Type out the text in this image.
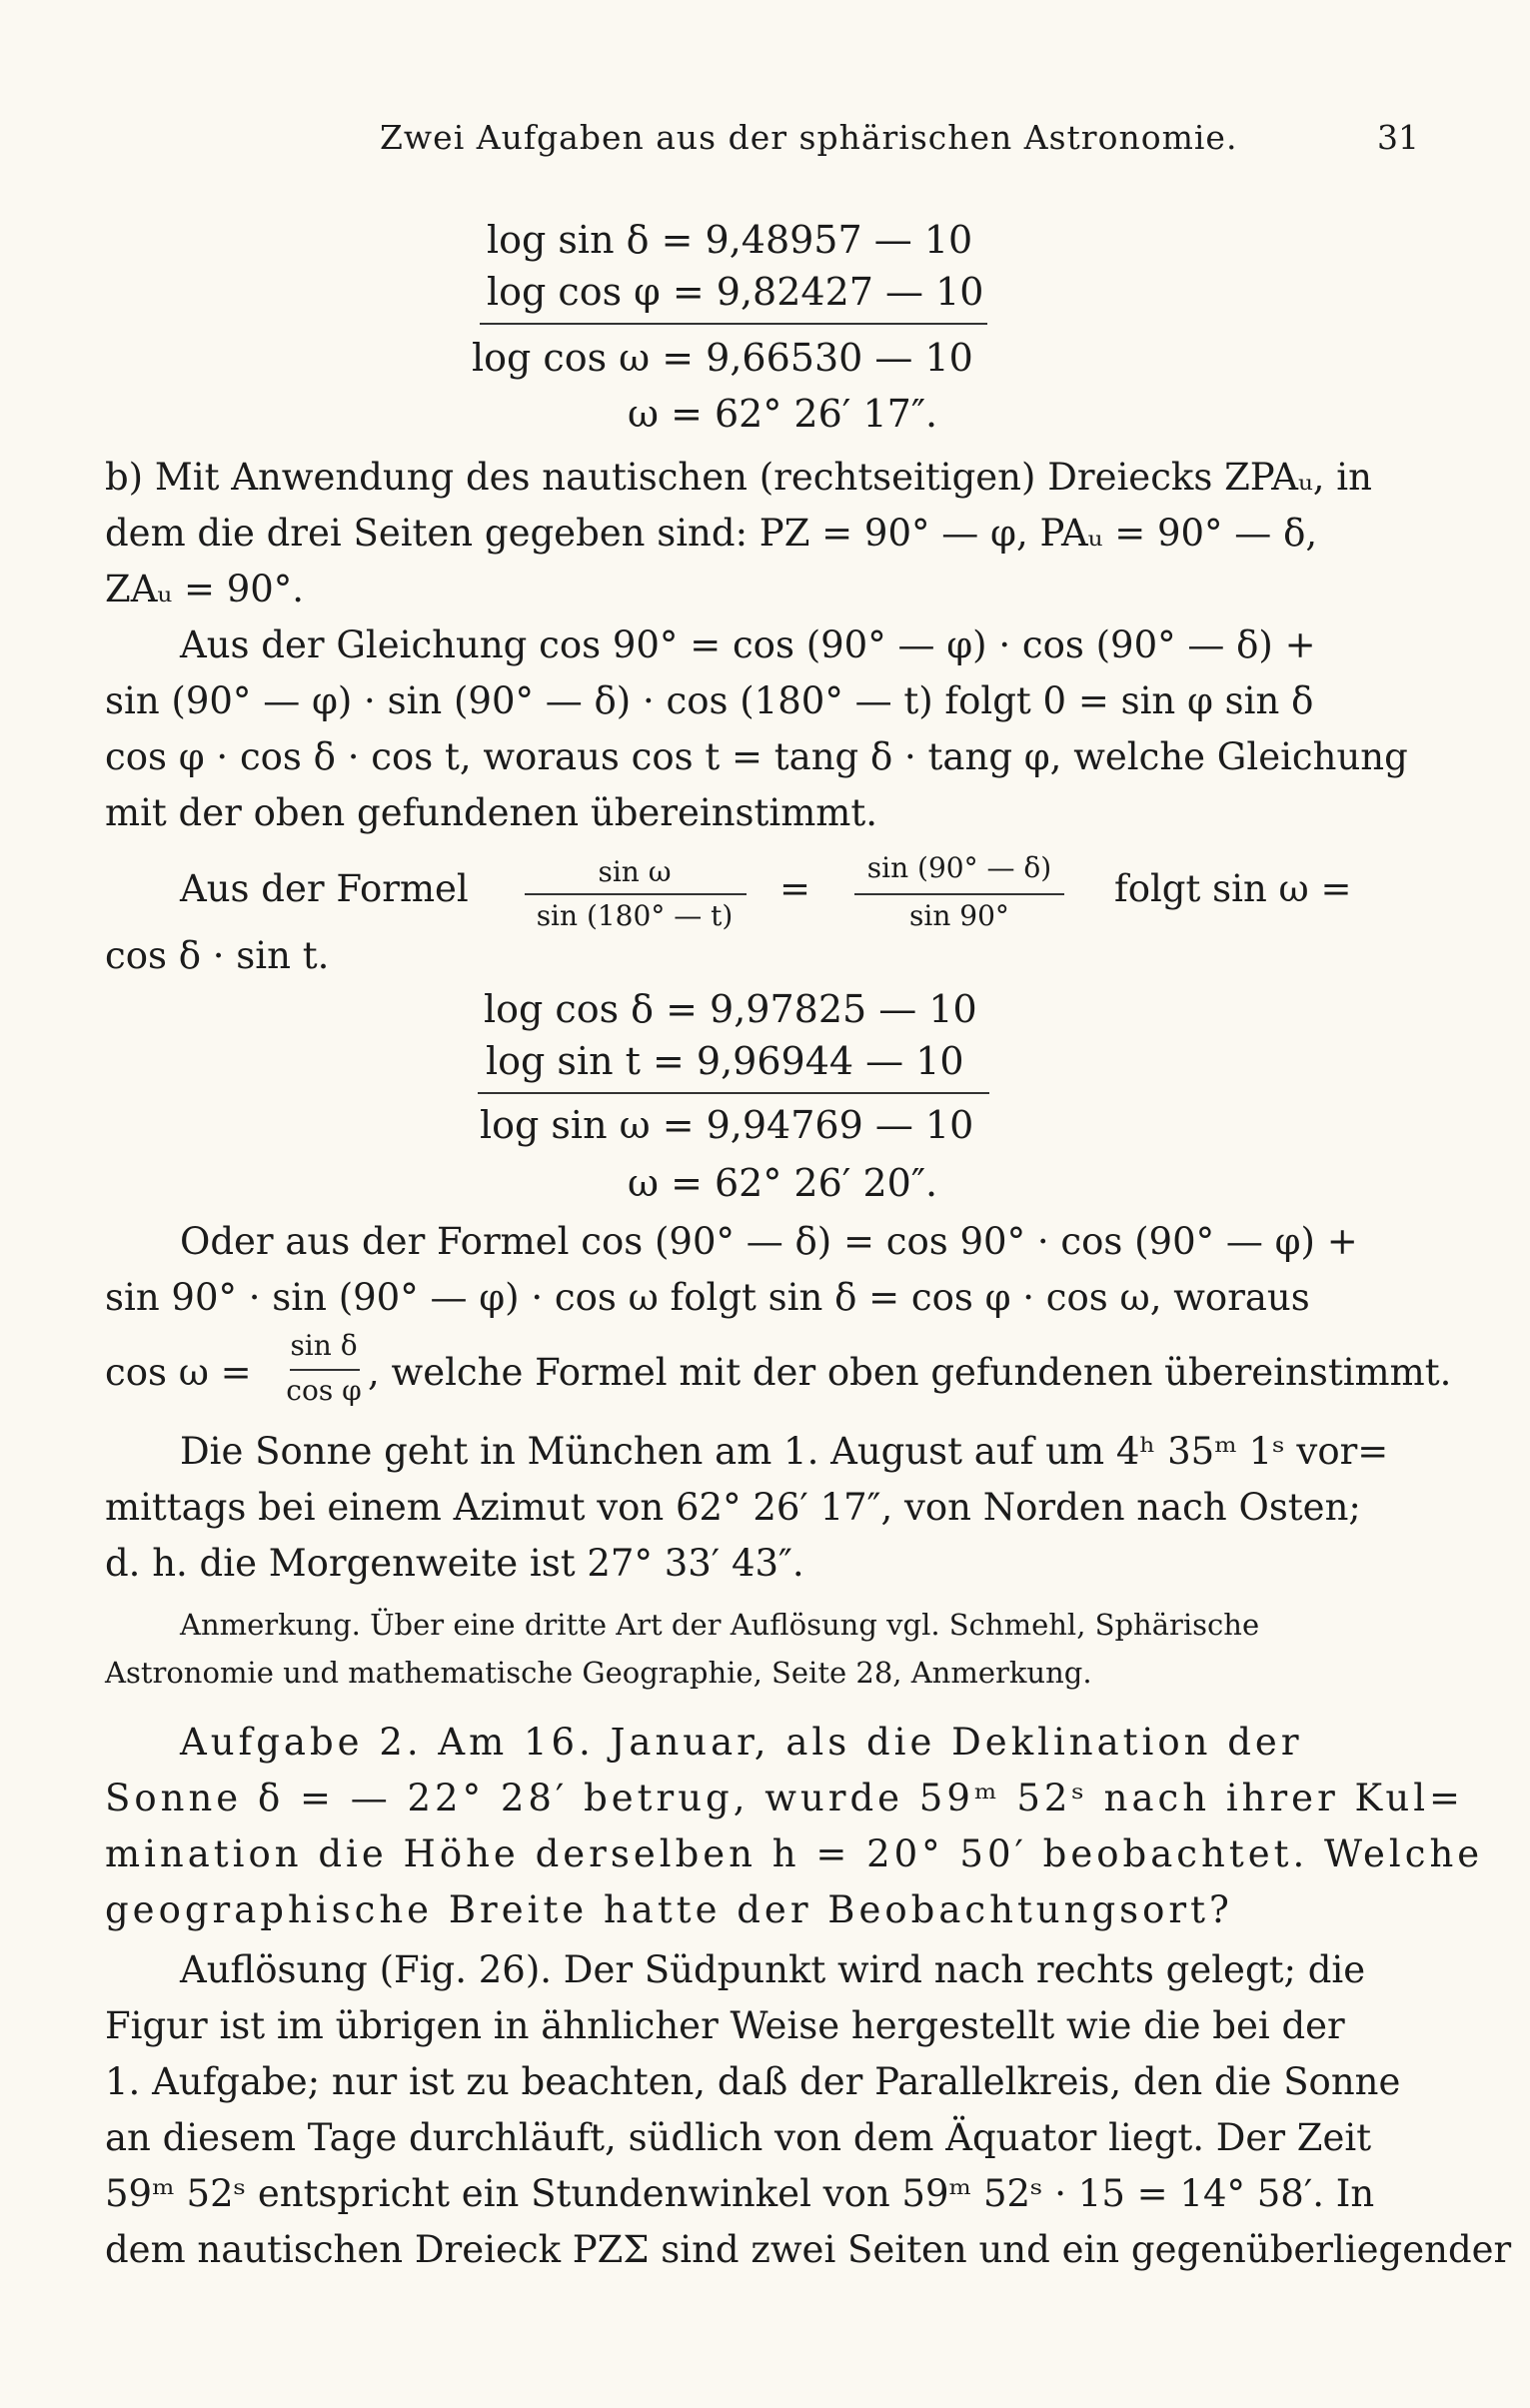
Zwei Aufgaben aus der sphärischen Astronomie.	31
log sin δ = 9,48957 — 10
log cos φ = 9,82427 — 10
log cos ω = 9,66530 — 10
ω = 62° 26′ 17″.
b) Mit Anwendung des nautischen (rechtseitigen) Dreiecks ZPAᵤ, in
dem die drei Seiten gegeben sind: PZ = 90° — φ, PAᵤ = 90° — δ,
ZAᵤ = 90°.
Aus der Gleichung cos 90° = cos (90° — φ) · cos (90° — δ) +
sin (90° — φ) · sin (90° — δ) · cos (180° — t) folgt 0 = sin φ sin δ
cos φ · cos δ · cos t, woraus cos t = tang δ · tang φ, welche Gleichung
mit der oben gefundenen übereinstimmt.
Aus der Formel	sin ω
sin (180° — t)
=	sin (90° — δ)
sin 90°
folgt sin ω =
cos δ · sin t.
log cos δ = 9,97825 — 10
log sin t = 9,96944 — 10
log sin ω = 9,94769 — 10
ω = 62° 26′ 20″.
Oder aus der Formel cos (90° — δ) = cos 90° · cos (90° — φ) +
sin 90° · sin (90° — φ) · cos ω folgt sin δ = cos φ · cos ω, woraus
cos ω =
sin δ
cos φ , welche Formel mit der oben gefundenen übereinstimmt.
Die Sonne geht in München am 1. August auf um 4ʰ 35ᵐ 1ˢ vor=
mittags bei einem Azimut von 62° 26′ 17″, von Norden nach Osten;
d. h. die Morgenweite ist 27° 33′ 43″.
Anmerkung. Über eine dritte Art der Auflösung vgl. Schmehl, Sphärische
Astronomie und mathematische Geographie, Seite 28, Anmerkung.
Aufgabe 2. Am 16. Januar, als die Deklination der
Sonne δ = — 22° 28′ betrug, wurde 59ᵐ 52ˢ nach ihrer Kul=
mination die Höhe derselben h = 20° 50′ beobachtet. Welche
geographische Breite hatte der Beobachtungsort?
Auflösung (Fig. 26). Der Südpunkt wird nach rechts gelegt; die
Figur ist im übrigen in ähnlicher Weise hergestellt wie die bei der
1. Aufgabe; nur ist zu beachten, daß der Parallelkreis, den die Sonne
an diesem Tage durchläuft, südlich von dem Äquator liegt. Der Zeit
59ᵐ 52ˢ entspricht ein Stundenwinkel von 59ᵐ 52ˢ · 15 = 14° 58′. In
dem nautischen Dreieck PZΣ sind zwei Seiten und ein gegenüberliegender
